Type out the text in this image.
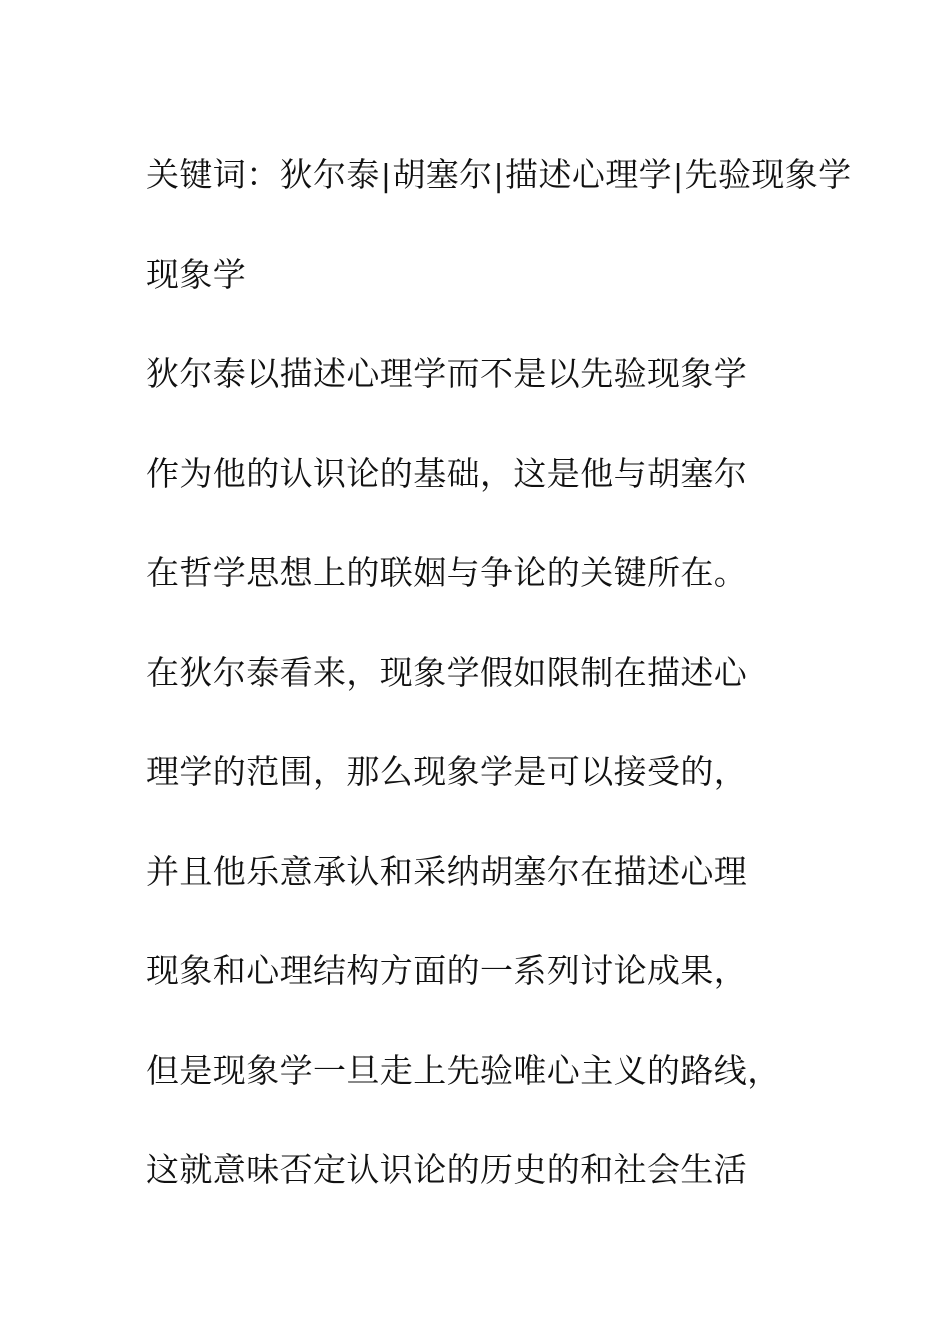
关键词：狄尔泰|胡塞尔|描述心理学|先验现象学
现象学
狄尔泰以描述心理学而不是以先验现象学
作为他的认识论的基础，这是他与胡塞尔
在哲学思想上的联姻与争论的关键所在。
在狄尔泰看来，现象学假如限制在描述心
理学的范围，那么现象学是可以接受的，
并且他乐意承认和采纳胡塞尔在描述心理
现象和心理结构方面的一系列讨论成果，
但是现象学一旦走上先验唯心主义的路线，
这就意味否定认识论的历史的和社会生活
